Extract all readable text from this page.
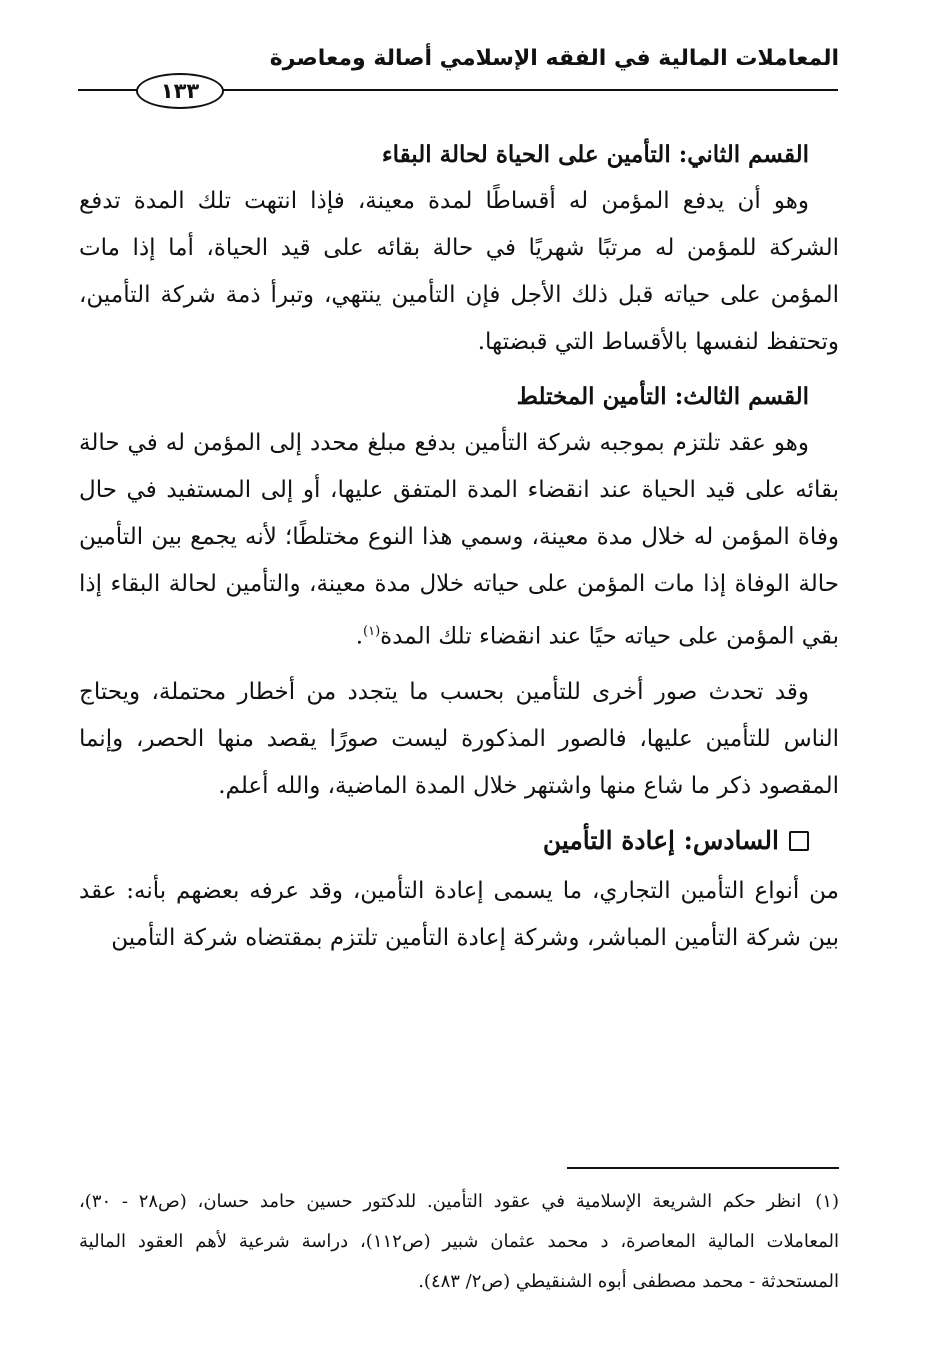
المعاملات المالية في الفقه الإسلامي أصالة ومعاصرة
١٣٣

القسم الثاني: التأمين على الحياة لحالة البقاء

وهو أن يدفع المؤمن له أقساطًا لمدة معينة، فإذا انتهت تلك المدة تدفع الشركة للمؤمن له مرتبًا شهريًا في حالة بقائه على قيد الحياة، أما إذا مات المؤمن على حياته قبل ذلك الأجل فإن التأمين ينتهي، وتبرأ ذمة شركة التأمين، وتحتفظ لنفسها بالأقساط التي قبضتها.

القسم الثالث: التأمين المختلط

وهو عقد تلتزم بموجبه شركة التأمين بدفع مبلغ محدد إلى المؤمن له في حالة بقائه على قيد الحياة عند انقضاء المدة المتفق عليها، أو إلى المستفيد في حال وفاة المؤمن له خلال مدة معينة، وسمي هذا النوع مختلطًا؛ لأنه يجمع بين التأمين حالة الوفاة إذا مات المؤمن على حياته خلال مدة معينة، والتأمين لحالة البقاء إذا بقي المؤمن على حياته حيًا عند انقضاء تلك المدة$^{(١)}$.

وقد تحدث صور أخرى للتأمين بحسب ما يتجدد من أخطار محتملة، ويحتاج الناس للتأمين عليها، فالصور المذكورة ليست صورًا يقصد منها الحصر، وإنما المقصود ذكر ما شاع منها واشتهر خلال المدة الماضية، والله أعلم.

السادس: إعادة التأمين

من أنواع التأمين التجاري، ما يسمى إعادة التأمين، وقد عرفه بعضهم بأنه: عقد بين شركة التأمين المباشر، وشركة إعادة التأمين تلتزم بمقتضاه شركة التأمين

(١)انظر حكم الشريعة الإسلامية في عقود التأمين. للدكتور حسين حامد حسان، (ص٢٨ - ٣٠)، المعاملات المالية المعاصرة، د محمد عثمان شبير (ص١١٢)، دراسة شرعية لأهم العقود المالية المستحدثة - محمد مصطفى أبوه الشنقيطي (ص٢/ ٤٨٣).
